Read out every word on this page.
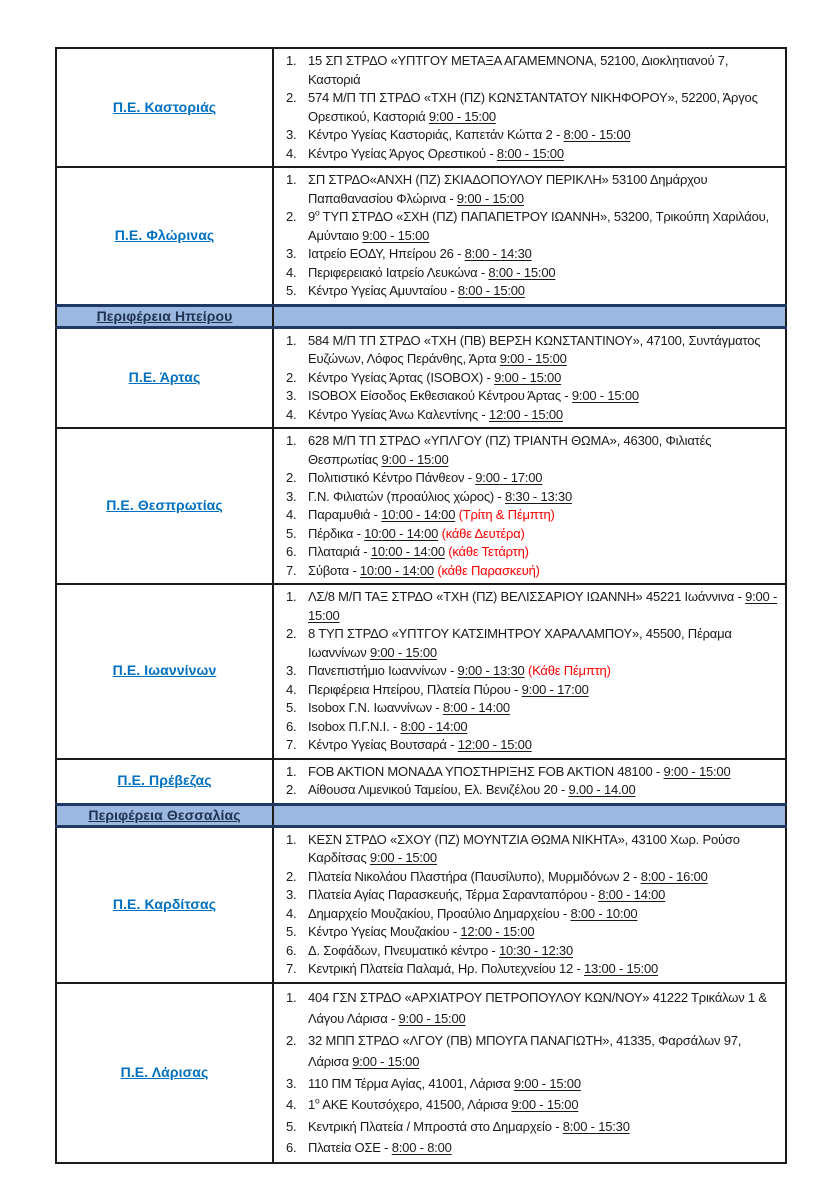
Π.Ε. Καστοριάς	
15 ΣΠ ΣΤΡΔΟ «ΥΠΤΓΟΥ ΜΕΤΑΞΑ ΑΓΑΜΕΜΝΟΝΑ, 52100, Διοκλητιανού 7, Καστοριά
574 Μ/Π ΤΠ ΣΤΡΔΟ «ΤΧΗ (ΠΖ) ΚΩΝΣΤΑΝΤΑΤΟΥ ΝΙΚΗΦΟΡΟΥ», 52200, Άργος Ορεστικού, Καστοριά 9:00 - 15:00
Κέντρο Υγείας Καστοριάς, Καπετάν Κώττα 2 - 8:00 - 15:00
Κέντρο Υγείας Άργος Ορεστικού - 8:00 - 15:00

Π.Ε. Φλώρινας	
ΣΠ ΣΤΡΔΟ«ΑΝΧΗ (ΠΖ) ΣΚΙΑΔΟΠΟΥΛΟΥ ΠΕΡΙΚΛΗ» 53100 Δημάρχου Παπαθανασίου Φλώρινα - 9:00 - 15:00
$9^o$ ΤΥΠ ΣΤΡΔΟ «ΣΧΗ (ΠΖ) ΠΑΠΑΠΕΤΡΟΥ ΙΩΑΝΝΗ», 53200, Τρικούπη Χαριλάου, Αμύνταιο 9:00 - 15:00
Ιατρείο ΕΟΔΥ, Ηπείρου 26 - 8:00 - 14:30
Περιφερειακό Ιατρείο Λευκώνα - 8:00 - 15:00
Κέντρο Υγείας Αμυνταίου - 8:00 - 15:00

Περιφέρεια Ηπείρου	

Π.Ε. Άρτας	
584 Μ/Π ΤΠ ΣΤΡΔΟ «ΤΧΗ (ΠΒ) ΒΕΡΣΗ ΚΩΝΣΤΑΝΤΙΝΟΥ», 47100, Συντάγματος Ευζώνων, Λόφος Περάνθης, Άρτα 9:00 - 15:00
Κέντρο Υγείας Άρτας (ISOBOX) - 9:00 - 15:00
ISOBOX Είσοδος Εκθεσιακού Κέντρου Άρτας - 9:00 - 15:00
Κέντρο Υγείας Άνω Καλεντίνης - 12:00 - 15:00

Π.Ε. Θεσπρωτίας	
628 Μ/Π ΤΠ ΣΤΡΔΟ «ΥΠΛΓΟΥ (ΠΖ) ΤΡΙΑΝΤΗ ΘΩΜΑ», 46300, Φιλιατές Θεσπρωτίας 9:00 - 15:00
Πολιτιστικό Κέντρο Πάνθεον - 9:00 - 17:00
Γ.Ν. Φιλιατών (προαύλιος χώρος) - 8:30 - 13:30
Παραμυθιά - 10:00 - 14:00 (Τρίτη & Πέμπτη)
Πέρδικα - 10:00 - 14:00 (κάθε Δευτέρα)
Πλαταριά - 10:00 - 14:00 (κάθε Τετάρτη)
Σύβοτα - 10:00 - 14:00 (κάθε Παρασκευή)

Π.Ε. Ιωαννίνων	
ΛΣ/8 Μ/Π ΤΑΞ ΣΤΡΔΟ «ΤΧΗ (ΠΖ) ΒΕΛΙΣΣΑΡΙΟΥ ΙΩΑΝΝΗ» 45221 Ιωάννινα - 9:00 - 15:00
8 ΤΥΠ ΣΤΡΔΟ «ΥΠΤΓΟΥ ΚΑΤΣΙΜΗΤΡΟΥ ΧΑΡΑΛΑΜΠΟΥ», 45500, Πέραμα Ιωαννίνων 9:00 - 15:00
Πανεπιστήμιο Ιωαννίνων - 9:00 - 13:30 (Κάθε Πέμπτη)
Περιφέρεια Ηπείρου, Πλατεία Πύρου - 9:00 - 17:00
Isobox Γ.Ν. Ιωαννίνων - 8:00 - 14:00
Isobox Π.Γ.Ν.Ι. - 8:00 - 14:00
Κέντρο Υγείας Βουτσαρά - 12:00 - 15:00

Π.Ε. Πρέβεζας	
FOB AKTION ΜΟΝΑΔΑ ΥΠΟΣΤΗΡΙΞΗΣ FOB AKTION 48100 - 9:00 - 15:00
Αίθουσα Λιμενικού Ταμείου, Ελ. Βενιζέλου 20 - 9.00 - 14.00

Περιφέρεια Θεσσαλίας	

Π.Ε. Καρδίτσας	
ΚΕΣΝ ΣΤΡΔΟ «ΣΧΟΥ (ΠΖ) ΜΟΥΝΤΖΙΑ ΘΩΜΑ ΝΙΚΗΤΑ», 43100 Χωρ. Ρούσο Καρδίτσας 9:00 - 15:00
Πλατεία Νικολάου Πλαστήρα (Παυσίλυπο), Μυρμιδόνων 2 - 8:00 - 16:00
Πλατεία Αγίας Παρασκευής, Τέρμα Σαρανταπόρου - 8:00 - 14:00
Δημαρχείο Μουζακίου, Προαύλιο Δημαρχείου - 8:00 - 10:00
Κέντρο Υγείας Μουζακίου - 12:00 - 15:00
Δ. Σοφάδων, Πνευματικό κέντρο - 10:30 - 12:30
Κεντρική Πλατεία Παλαμά, Ηρ. Πολυτεχνείου 12 - 13:00 - 15:00

Π.Ε. Λάρισας	
404 ΓΣΝ ΣΤΡΔΟ «ΑΡΧΙΑΤΡΟΥ ΠΕΤΡΟΠΟΥΛΟΥ ΚΩΝ/ΝΟΥ» 41222 Τρικάλων 1 & Λάγου Λάρισα - 9:00 - 15:00
32 ΜΠΠ ΣΤΡΔΟ «ΛΓΟΥ (ΠΒ) ΜΠΟΥΓΑ ΠΑΝΑΓΙΩΤΗ», 41335, Φαρσάλων 97, Λάρισα 9:00 - 15:00
110 ΠΜ Τέρμα Αγίας, 41001, Λάρισα 9:00 - 15:00
$1^o$ ΑΚΕ Κουτσόχερο, 41500, Λάρισα 9:00 - 15:00
Κεντρική Πλατεία / Μπροστά στο Δημαρχείο - 8:00 - 15:30
Πλατεία ΟΣΕ - 8:00 - 8:00
